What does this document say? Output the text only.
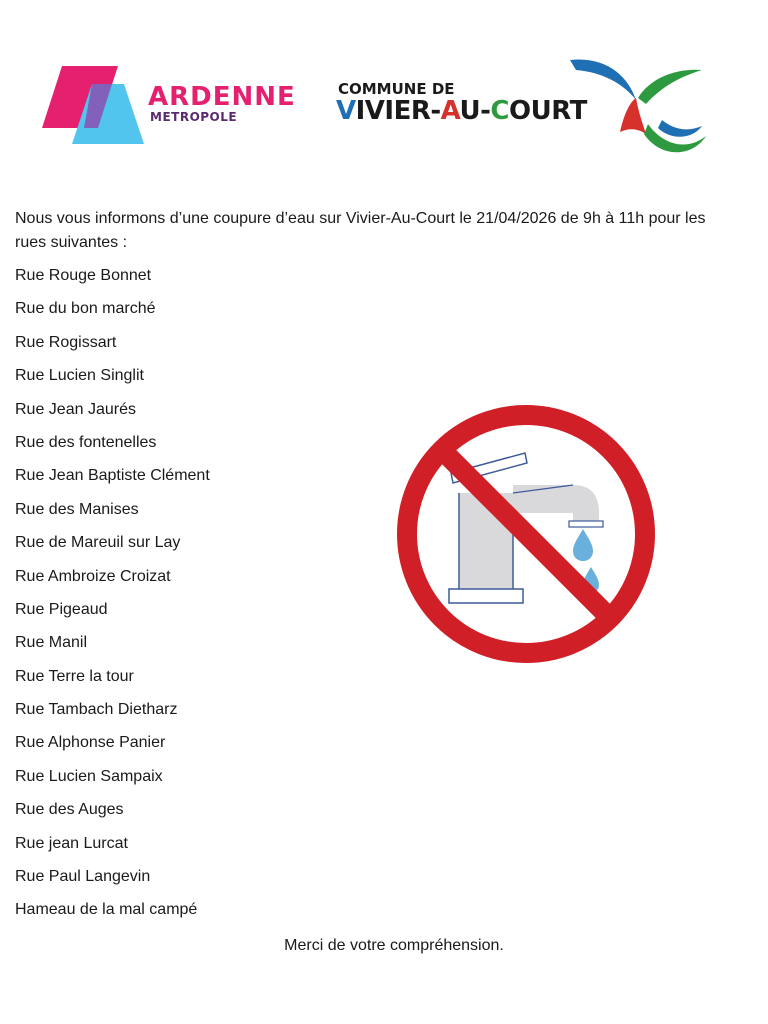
ARDENNE
METROPOLE
COMMUNE DE
VIVIER-AU-COURT

Nous vous informons d’une coupure d’eau sur Vivier-Au-Court le 21/04/2026 de 9h à 11h pour les rues suivantes :

Rue Rouge Bonnet
Rue du bon marché
Rue Rogissart
Rue Lucien Singlit
Rue Jean Jaurés
Rue des fontenelles
Rue Jean Baptiste Clément
Rue des Manises
Rue de Mareuil sur Lay
Rue Ambroize Croizat
Rue Pigeaud
Rue Manil
Rue Terre la tour
Rue Tambach Dietharz
Rue Alphonse Panier
Rue Lucien Sampaix
Rue des Auges
Rue jean Lurcat
Rue Paul Langevin
Hameau de la mal campé
Merci de votre compréhension.
